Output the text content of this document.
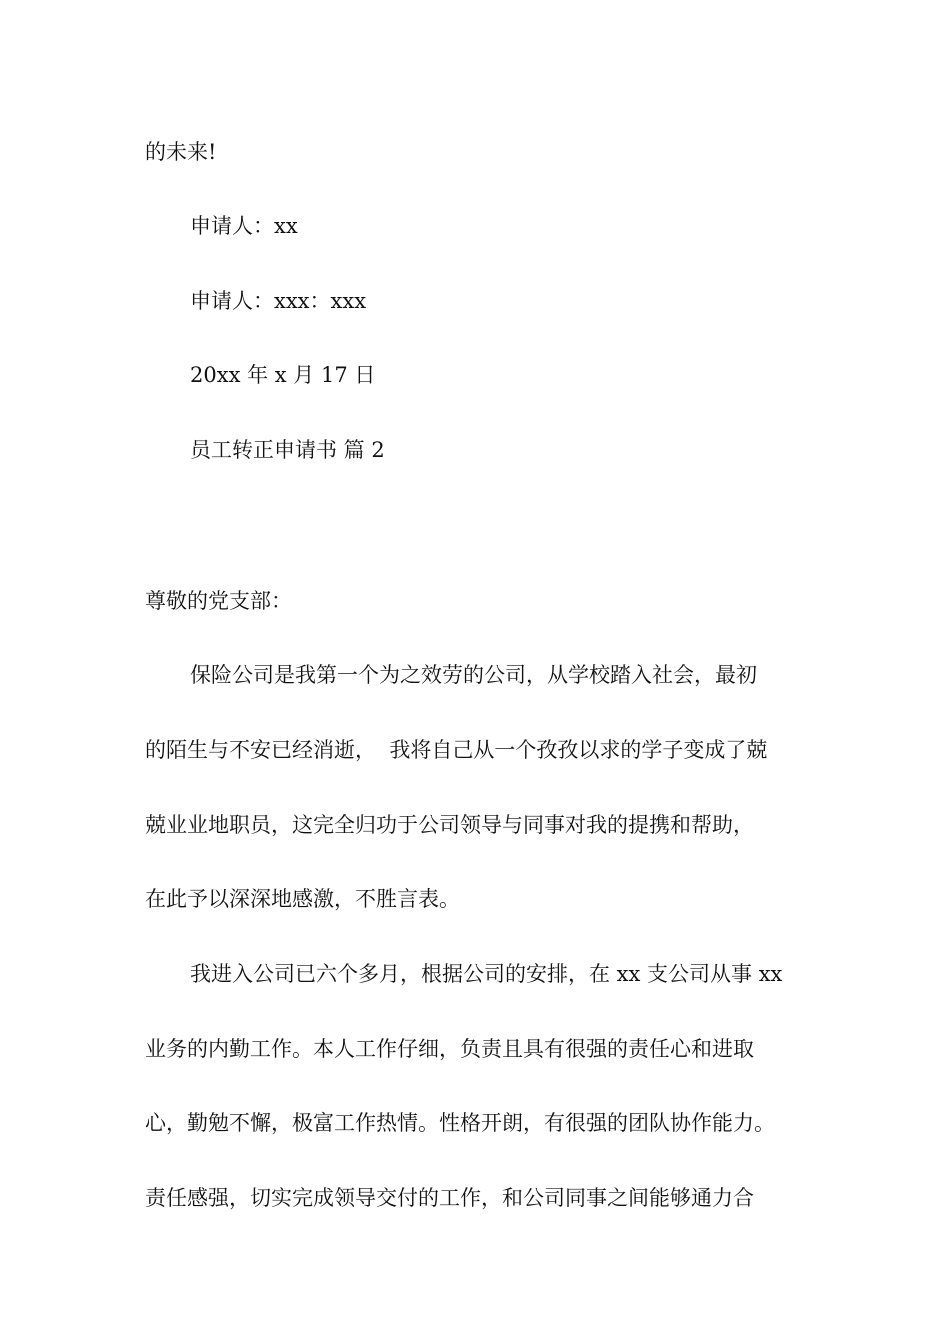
的未来!
申请人：xx
申请人：xxx：xxx
20xx 年 x 月 17 日
员工转正申请书 篇 2
尊敬的党支部：
保险公司是我第一个为之效劳的公司，从学校踏入社会，最初
的陌生与不安已经消逝，  我将自己从一个孜孜以求的学子变成了兢
兢业业地职员，这完全归功于公司领导与同事对我的提携和帮助，
在此予以深深地感激，不胜言表。
我进入公司已六个多月，根据公司的安排，在 xx 支公司从事 xx
业务的内勤工作。本人工作仔细，负责且具有很强的责任心和进取
心，勤勉不懈，极富工作热情。性格开朗，有很强的团队协作能力。
责任感强，切实完成领导交付的工作，和公司同事之间能够通力合
